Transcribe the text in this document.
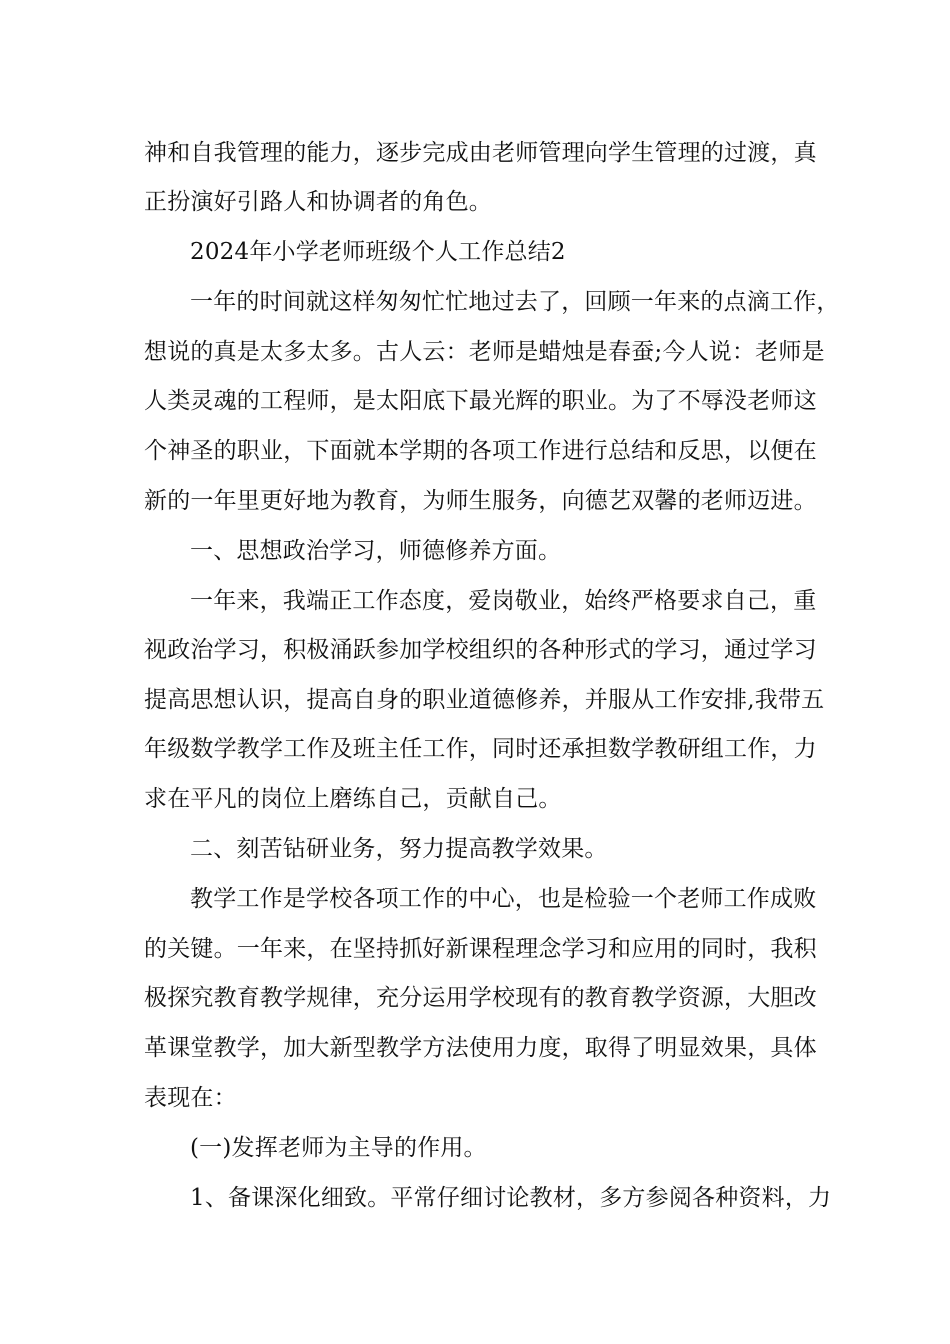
神和自我管理的能力，逐步完成由老师管理向学生管理的过渡，真
正扮演好引路人和协调者的角色。
2024年小学老师班级个人工作总结2
一年的时间就这样匆匆忙忙地过去了，回顾一年来的点滴工作，
想说的真是太多太多。古人云：老师是蜡烛是春蚕;今人说：老师是
人类灵魂的工程师，是太阳底下最光辉的职业。为了不辱没老师这
个神圣的职业，下面就本学期的各项工作进行总结和反思，以便在
新的一年里更好地为教育，为师生服务，向德艺双馨的老师迈进。
一、思想政治学习，师德修养方面。
一年来，我端正工作态度，爱岗敬业，始终严格要求自己，重
视政治学习，积极涌跃参加学校组织的各种形式的学习，通过学习
提高思想认识，提高自身的职业道德修养，并服从工作安排,我带五
年级数学教学工作及班主任工作，同时还承担数学教研组工作，力
求在平凡的岗位上磨练自己，贡献自己。
二、刻苦钻研业务，努力提高教学效果。
教学工作是学校各项工作的中心，也是检验一个老师工作成败
的关键。一年来，在坚持抓好新课程理念学习和应用的同时，我积
极探究教育教学规律，充分运用学校现有的教育教学资源，大胆改
革课堂教学，加大新型教学方法使用力度，取得了明显效果，具体
表现在：
(一)发挥老师为主导的作用。
1、备课深化细致。平常仔细讨论教材，多方参阅各种资料，力
